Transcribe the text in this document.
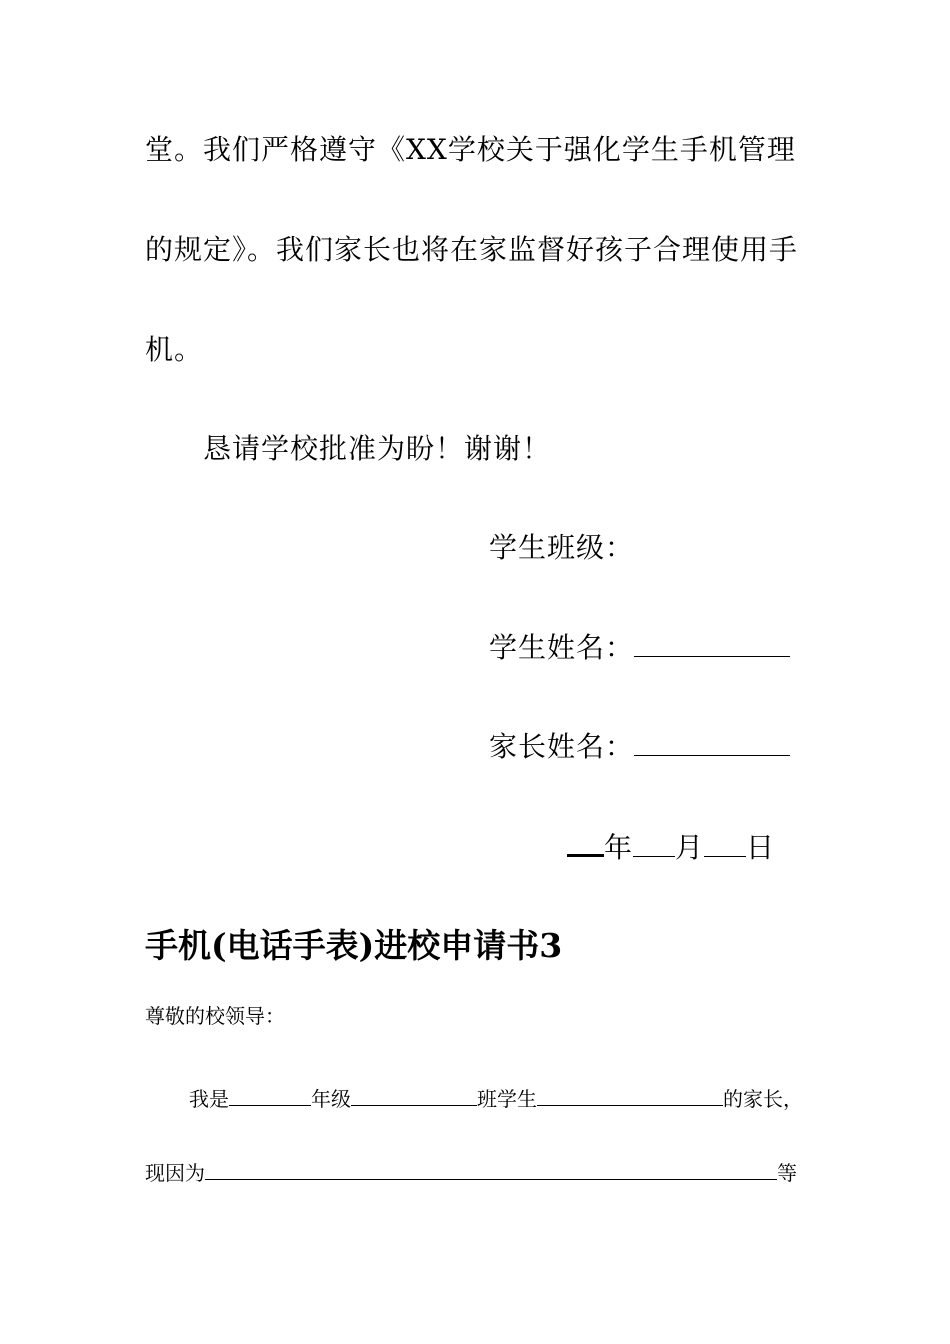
堂。我们严格遵守《XX学校关于强化学生手机管理
的规定》。我们家长也将在家监督好孩子合理使用手
机。
恳请学校批准为盼！谢谢！
学生班级：
学生姓名：
家长姓名：
年 月 日
手机(电话手表)进校申请书3
尊敬的校领导：
我是	年级	班学生	的家长，
现因为	等
